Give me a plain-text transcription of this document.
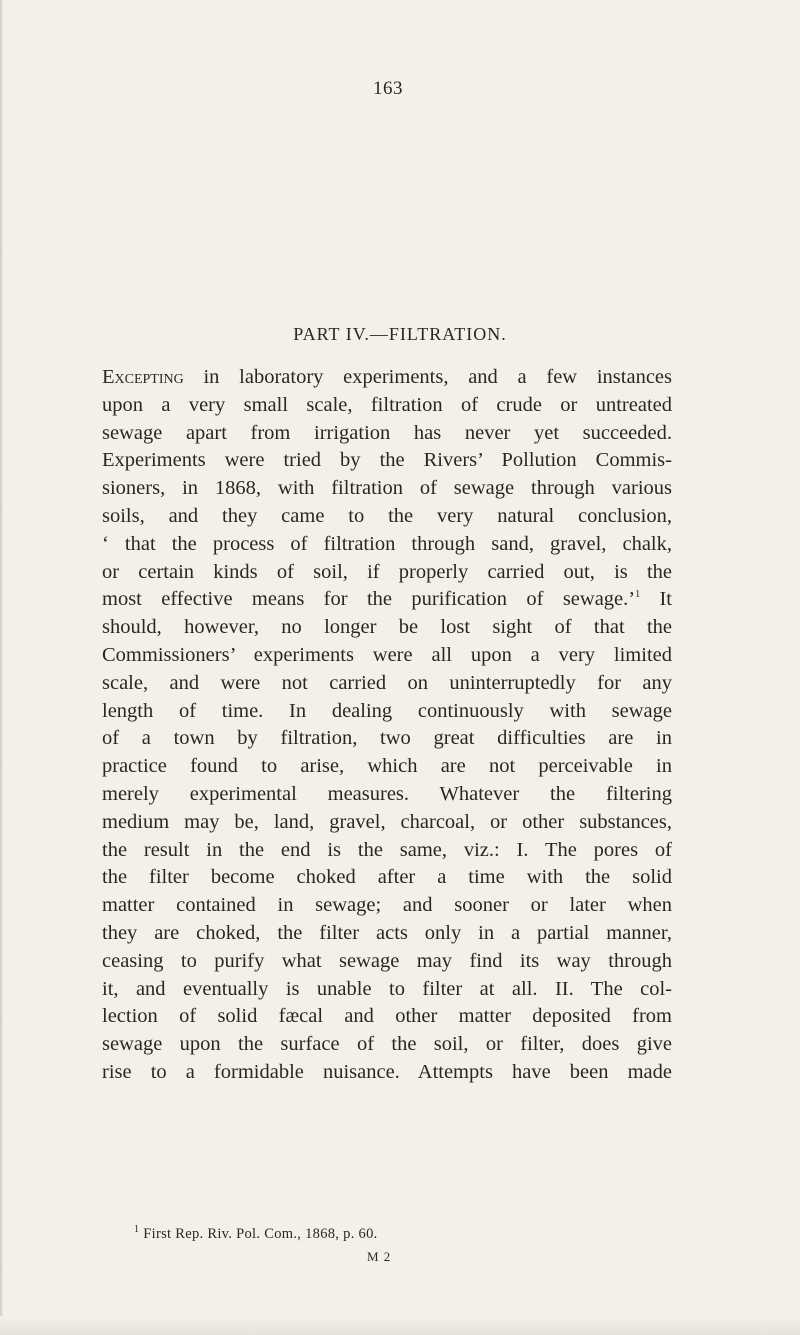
163
PART IV.—FILTRATION.
Excepting in laboratory experiments, and a few instances
upon a very small scale, filtration of crude or untreated
sewage apart from irrigation has never yet succeeded.
Experiments were tried by the Rivers’ Pollution Commis-
sioners, in 1868, with filtration of sewage through various
soils, and they came to the very natural conclusion,
‘ that the process of filtration through sand, gravel, chalk,
or certain kinds of soil, if properly carried out, is the
most effective means for the purification of sewage.’$^1$ It
should, however, no longer be lost sight of that the
Commissioners’ experiments were all upon a very limited
scale, and were not carried on uninterruptedly for any
length of time. In dealing continuously with sewage
of a town by filtration, two great difficulties are in
practice found to arise, which are not perceivable in
merely experimental measures. Whatever the filtering
medium may be, land, gravel, charcoal, or other substances,
the result in the end is the same, viz.: I. The pores of
the filter become choked after a time with the solid
matter contained in sewage; and sooner or later when
they are choked, the filter acts only in a partial manner,
ceasing to purify what sewage may find its way through
it, and eventually is unable to filter at all. II. The col-
lection of solid fæcal and other matter deposited from
sewage upon the surface of the soil, or filter, does give
rise to a formidable nuisance. Attempts have been made
$^1$ First Rep. Riv. Pol. Com., 1868, p. 60.
M 2
